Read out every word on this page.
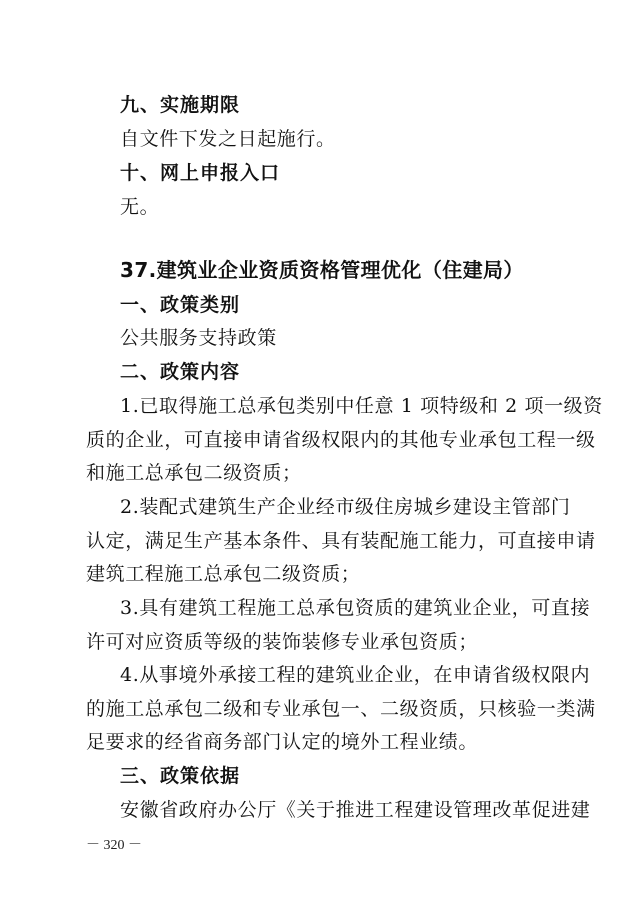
九、实施期限
自文件下发之日起施行。
十、网上申报入口
无。
37.建筑业企业资质资格管理优化（住建局）
一、政策类别
公共服务支持政策
二、政策内容
1.已取得施工总承包类别中任意 1 项特级和 2 项一级资
质的企业，可直接申请省级权限内的其他专业承包工程一级
和施工总承包二级资质；
2.装配式建筑生产企业经市级住房城乡建设主管部门
认定，满足生产基本条件、具有装配施工能力，可直接申请
建筑工程施工总承包二级资质；
3.具有建筑工程施工总承包资质的建筑业企业，可直接
许可对应资质等级的装饰装修专业承包资质；
4.从事境外承接工程的建筑业企业，在申请省级权限内
的施工总承包二级和专业承包一、二级资质，只核验一类满
足要求的经省商务部门认定的境外工程业绩。
三、政策依据
安徽省政府办公厅《关于推进工程建设管理改革促进建
－ 320 －
